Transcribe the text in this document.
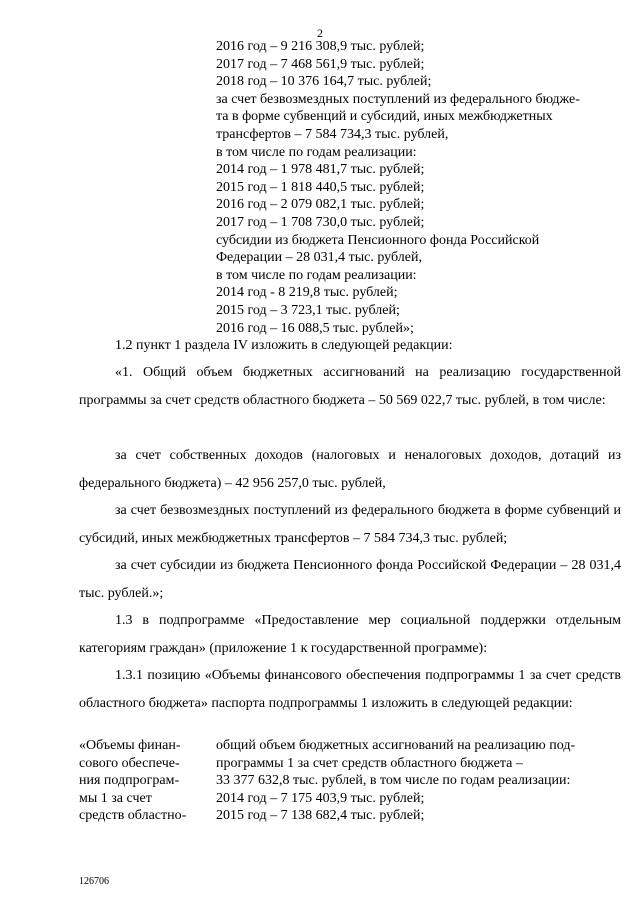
2
2016 год – 9 216 308,9 тыс. рублей;
2017 год – 7 468 561,9 тыс. рублей;
2018 год – 10 376 164,7 тыс. рублей;
за счет безвозмездных поступлений из федерального бюдже-
та в форме субвенций и субсидий, иных межбюджетных
трансфертов – 7 584 734,3 тыс. рублей,
в том числе по годам реализации:
2014 год – 1 978 481,7 тыс. рублей;
2015 год – 1 818 440,5 тыс. рублей;
2016 год – 2 079 082,1 тыс. рублей;
2017 год – 1 708 730,0 тыс. рублей;
субсидии из бюджета Пенсионного фонда Российской
Федерации – 28 031,4 тыс. рублей,
в том числе по годам реализации:
2014 год - 8 219,8 тыс. рублей;
2015 год – 3 723,1 тыс. рублей;
2016 год – 16 088,5 тыс. рублей»;
1.2 пункт 1 раздела IV изложить в следующей редакции:
«1. Общий объем бюджетных ассигнований на реализацию государственной программы за счет средств областного бюджета – 50 569 022,7 тыс. рублей, в том числе:
за счет собственных доходов (налоговых и неналоговых доходов, дотаций из федерального бюджета) – 42 956 257,0 тыс. рублей,
за счет безвозмездных поступлений из федерального бюджета в форме субвенций и субсидий, иных межбюджетных трансфертов – 7 584 734,3 тыс. рублей;
за счет субсидии из бюджета Пенсионного фонда Российской Федерации – 28 031,4 тыс. рублей.»;
1.3 в подпрограмме «Предоставление мер социальной поддержки отдельным категориям граждан» (приложение 1 к государственной программе):
1.3.1 позицию «Объемы финансового обеспечения подпрограммы 1 за счет средств областного бюджета» паспорта подпрограммы 1 изложить в следующей редакции:
«Объемы финан-
сового обеспече-
ния подпрограм-
мы 1 за счет
средств областно-
общий объем бюджетных ассигнований на реализацию под-
программы 1 за счет средств областного бюджета –
33 377 632,8 тыс. рублей, в том числе по годам реализации:
2014 год – 7 175 403,9 тыс. рублей;
2015 год – 7 138 682,4 тыс. рублей;
126706
